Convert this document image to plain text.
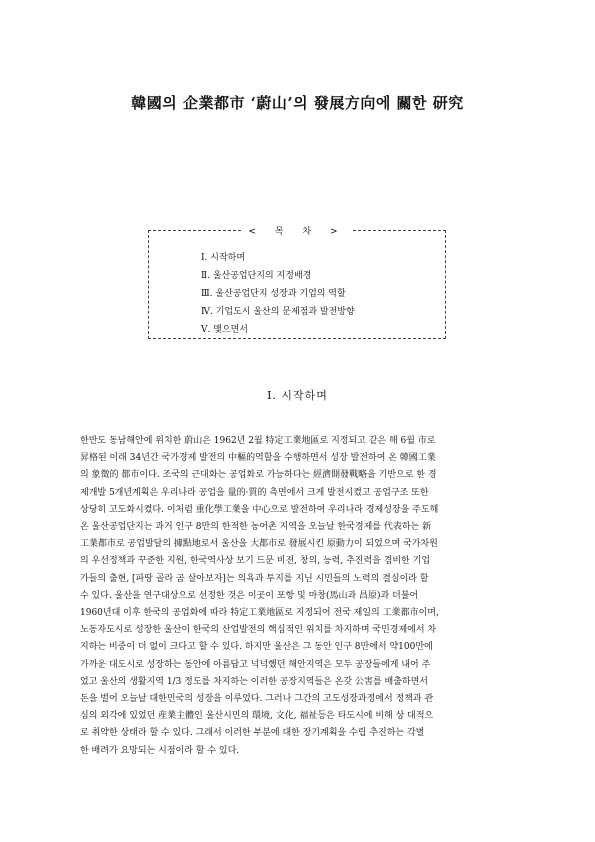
韓國의 企業都市 ‘蔚山’의 發展方向에 關한 研究
< 목 차 >
Ⅰ. 시작하며
Ⅱ. 울산공업단지의 지정배경
Ⅲ. 울산공업단지 성장과 기업의 역할
Ⅳ. 기업도시 울산의 문제점과 발전방향
Ⅴ. 맺으면서
Ⅰ. 시작하며

한반도 동남해안에 위치한 蔚山은 1962년 2월 特定工業地區로 지정되고 같은 해 6월 市로
昇格된 이래 34년간 국가경제 발전의 中樞的역할을 수행하면서 성장 발전하여 온 韓國工業
의 象徵的 都市이다. 조국의 근대화는 공업화로 가능하다는 經濟開發戰略을 기반으로 한 경
제개발 5개년계획은 우리나라 공업을 量的·質的 측면에서 크게 발전시켰고 공업구조 또한
상당히 고도화시켰다. 이처럼 重化學工業을 中心으로 발전하여 우리나라 경제성장을 주도해
온 울산공업단지는 과거 인구 8만의 한적한 농어촌 지역을 오늘날 한국경제를 代表하는 新
工業都市로 공업발달의 據點地로서 울산을 大都市로 發展시킨 原動力이 되었으며 국가차원
의 우선정책과 꾸준한 지원, 한국역사상 보기 드문 비젼, 창의, 능력, 추진력을 겸비한 기업
가들의 출현, [파땅 골라 곰 살아보자]는 의욕과 투지를 지닌 시민들의 노력의 결실이라 할
수 있다. 울산을 연구대상으로 선정한 것은 이곳이 포항 및 마창(馬山과 昌原)과 더불어
1960년대 이후 한국의 공업화에 따라 特定工業地區로 지정되어 전국 제일의 工業都市이며,
노동자도시로 성장한 울산이 한국의 산업발전의 핵심적인 위치를 차지하며 국민경제에서 차
지하는 비중이 더 없이 크다고 할 수 있다. 하지만 울산은 그 동안 인구 8만에서 약100만에
가까운 대도시로 성장하는 동안에 아름답고 넉넉했던 해안지역은 모두 공장들에게 내어 주
었고 울산의 생활지역 1/3 정도를 차지하는 이러한 공장지역들은 온갖 公害를 배출하면서
돈을 벌어 오늘날 대한민국의 성장을 이루었다. 그러나 그간의 고도성장과정에서 정책과 관
심의 외각에 있었던 産業主體인 울산시민의 環境, 文化, 福祉등은 타도시에 비해 상 대적으
로 취약한 상태라 할 수 있다. 그래서 이러한 부분에 대한 장기계획을 수립 추진하는 각별
한 배려가 요망되는 시점이라 할 수 있다.
